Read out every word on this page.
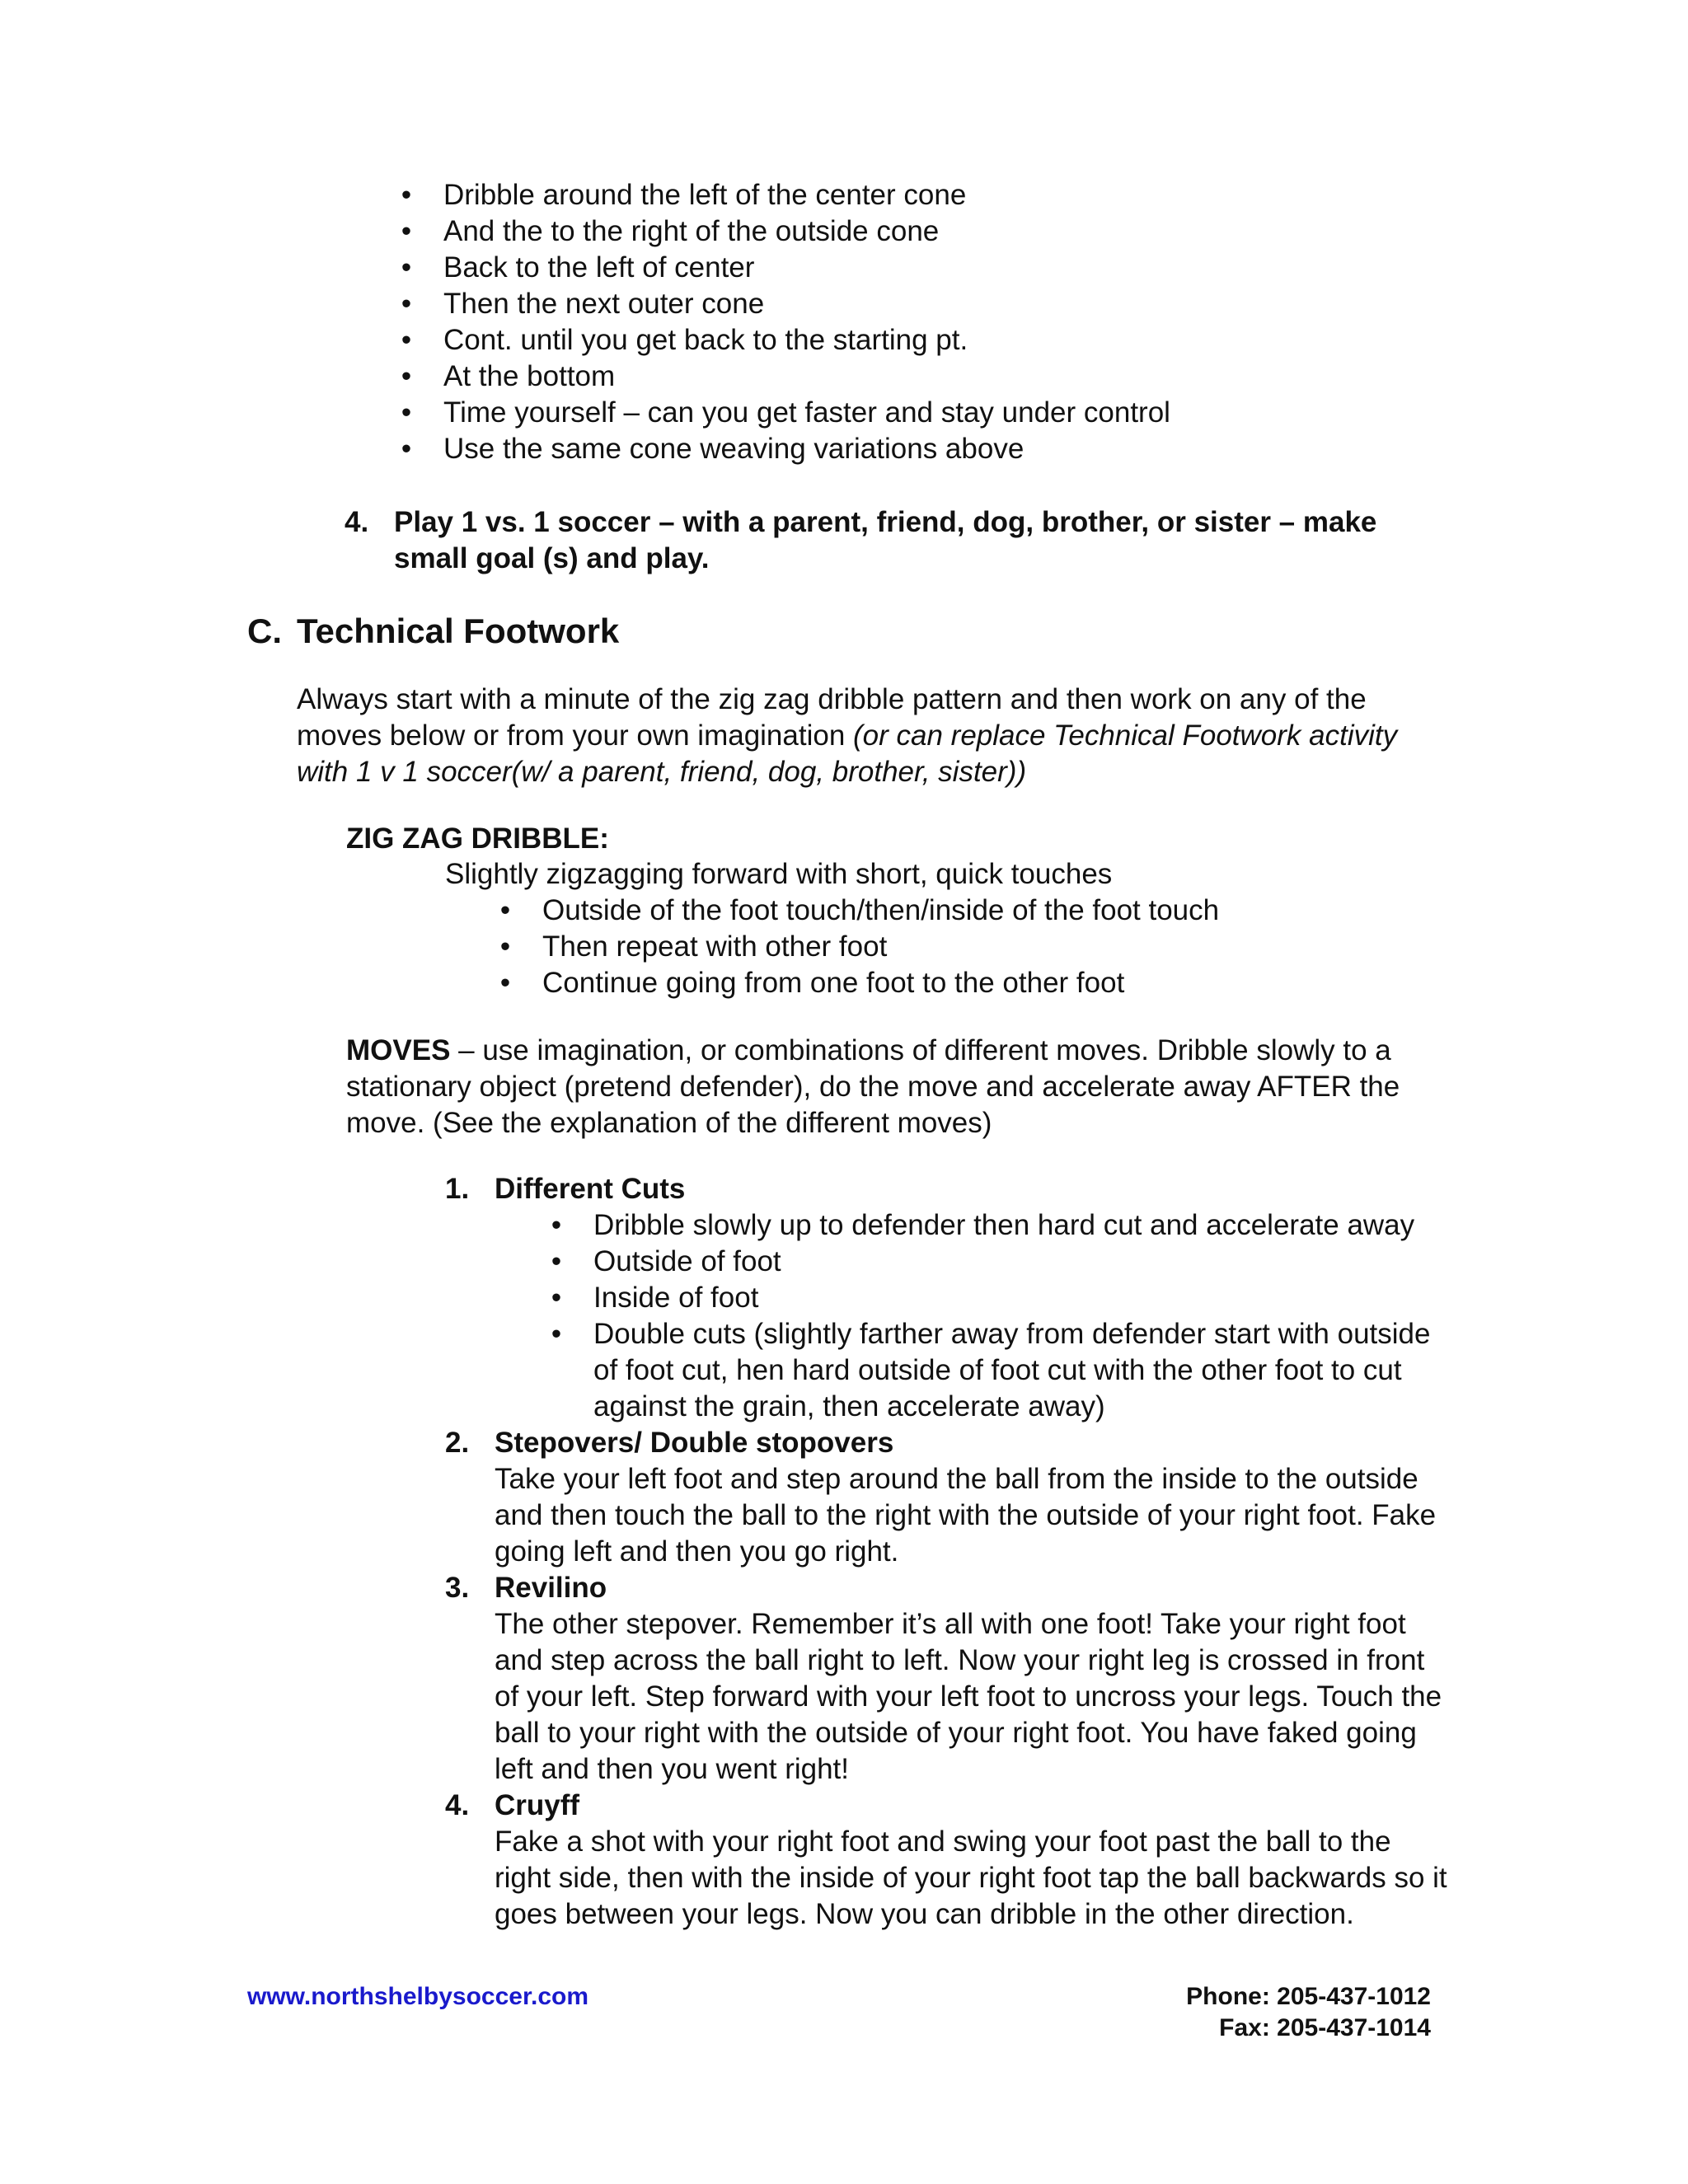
• Dribble around the left of the center cone
• And the to the right of the outside cone
• Back to the left of center
• Then the next outer cone
• Cont. until you get back to the starting pt.
• At the bottom
• Time yourself – can you get faster and stay under control
• Use the same cone weaving variations above
4. Play 1 vs. 1 soccer – with a parent, friend, dog, brother, or sister – make small goal (s) and play.
C. Technical Footwork
Always start with a minute of the zig zag dribble pattern and then work on any of the moves below or from your own imagination (or can replace Technical Footwork activity with 1 v 1 soccer(w/ a parent, friend, dog, brother, sister))
ZIG ZAG DRIBBLE:
Slightly zigzagging forward with short, quick touches
• Outside of the foot touch/then/inside of the foot touch
• Then repeat with other foot
• Continue going from one foot to the other foot
MOVES – use imagination, or combinations of different moves. Dribble slowly to a stationary object (pretend defender), do the move and accelerate away AFTER the move. (See the explanation of the different moves)
1. Different Cuts
• Dribble slowly up to defender then hard cut and accelerate away
• Outside of foot
• Inside of foot
• Double cuts (slightly farther away from defender start with outside of foot cut, hen hard outside of foot cut with the other foot to cut against the grain, then accelerate away)
2. Stepovers/ Double stopovers
Take your left foot and step around the ball from the inside to the outside and then touch the ball to the right with the outside of your right foot. Fake going left and then you go right.
3. Revilino
The other stepover. Remember it’s all with one foot! Take your right foot and step across the ball right to left. Now your right leg is crossed in front of your left. Step forward with your left foot to uncross your legs. Touch the ball to your right with the outside of your right foot. You have faked going left and then you went right!
4. Cruyff
Fake a shot with your right foot and swing your foot past the ball to the right side, then with the inside of your right foot tap the ball backwards so it goes between your legs. Now you can dribble in the other direction.
www.northshelbysoccer.com	Phone: 205-437-1012
Fax: 205-437-1014
